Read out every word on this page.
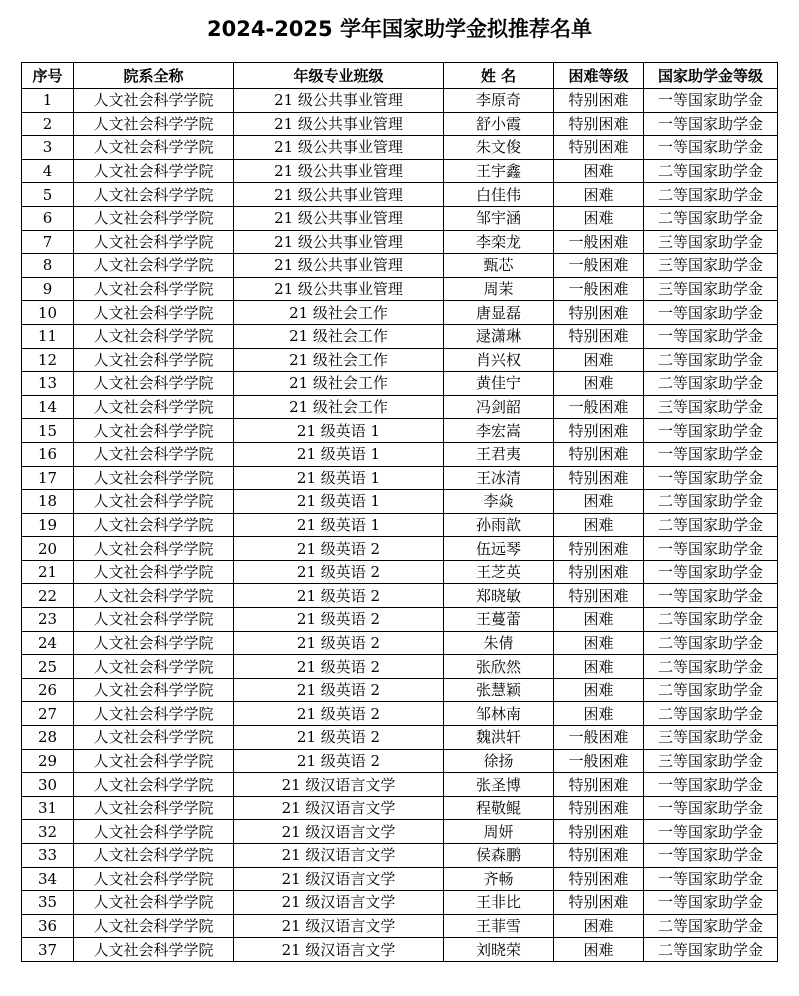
2024-2025 学年国家助学金拟推荐名单
序号	院系全称	年级专业班级	姓 名	困难等级	国家助学金等级
1	人文社会科学学院	21 级公共事业管理	李原奇	特别困难	一等国家助学金
2	人文社会科学学院	21 级公共事业管理	舒小霞	特别困难	一等国家助学金
3	人文社会科学学院	21 级公共事业管理	朱文俊	特别困难	一等国家助学金
4	人文社会科学学院	21 级公共事业管理	王宇鑫	困难	二等国家助学金
5	人文社会科学学院	21 级公共事业管理	白佳伟	困难	二等国家助学金
6	人文社会科学学院	21 级公共事业管理	邹宇涵	困难	二等国家助学金
7	人文社会科学学院	21 级公共事业管理	李栾龙	一般困难	三等国家助学金
8	人文社会科学学院	21 级公共事业管理	甄芯	一般困难	三等国家助学金
9	人文社会科学学院	21 级公共事业管理	周茉	一般困难	三等国家助学金
10	人文社会科学学院	21 级社会工作	唐显磊	特别困难	一等国家助学金
11	人文社会科学学院	21 级社会工作	逯潇琳	特别困难	一等国家助学金
12	人文社会科学学院	21 级社会工作	肖兴权	困难	二等国家助学金
13	人文社会科学学院	21 级社会工作	黄佳宁	困难	二等国家助学金
14	人文社会科学学院	21 级社会工作	冯剑韶	一般困难	三等国家助学金
15	人文社会科学学院	21 级英语 1	李宏嵩	特别困难	一等国家助学金
16	人文社会科学学院	21 级英语 1	王君夷	特别困难	一等国家助学金
17	人文社会科学学院	21 级英语 1	王冰清	特别困难	一等国家助学金
18	人文社会科学学院	21 级英语 1	李焱	困难	二等国家助学金
19	人文社会科学学院	21 级英语 1	孙雨歆	困难	二等国家助学金
20	人文社会科学学院	21 级英语 2	伍远琴	特别困难	一等国家助学金
21	人文社会科学学院	21 级英语 2	王芝英	特别困难	一等国家助学金
22	人文社会科学学院	21 级英语 2	郑晓敏	特别困难	一等国家助学金
23	人文社会科学学院	21 级英语 2	王蔓蕾	困难	二等国家助学金
24	人文社会科学学院	21 级英语 2	朱倩	困难	二等国家助学金
25	人文社会科学学院	21 级英语 2	张欣然	困难	二等国家助学金
26	人文社会科学学院	21 级英语 2	张慧颖	困难	二等国家助学金
27	人文社会科学学院	21 级英语 2	邹林南	困难	二等国家助学金
28	人文社会科学学院	21 级英语 2	魏洪轩	一般困难	三等国家助学金
29	人文社会科学学院	21 级英语 2	徐扬	一般困难	三等国家助学金
30	人文社会科学学院	21 级汉语言文学	张圣博	特别困难	一等国家助学金
31	人文社会科学学院	21 级汉语言文学	程敬鲲	特别困难	一等国家助学金
32	人文社会科学学院	21 级汉语言文学	周妍	特别困难	一等国家助学金
33	人文社会科学学院	21 级汉语言文学	侯森鹏	特别困难	一等国家助学金
34	人文社会科学学院	21 级汉语言文学	齐畅	特别困难	一等国家助学金
35	人文社会科学学院	21 级汉语言文学	王非比	特别困难	一等国家助学金
36	人文社会科学学院	21 级汉语言文学	王菲雪	困难	二等国家助学金
37	人文社会科学学院	21 级汉语言文学	刘晓荣	困难	二等国家助学金
